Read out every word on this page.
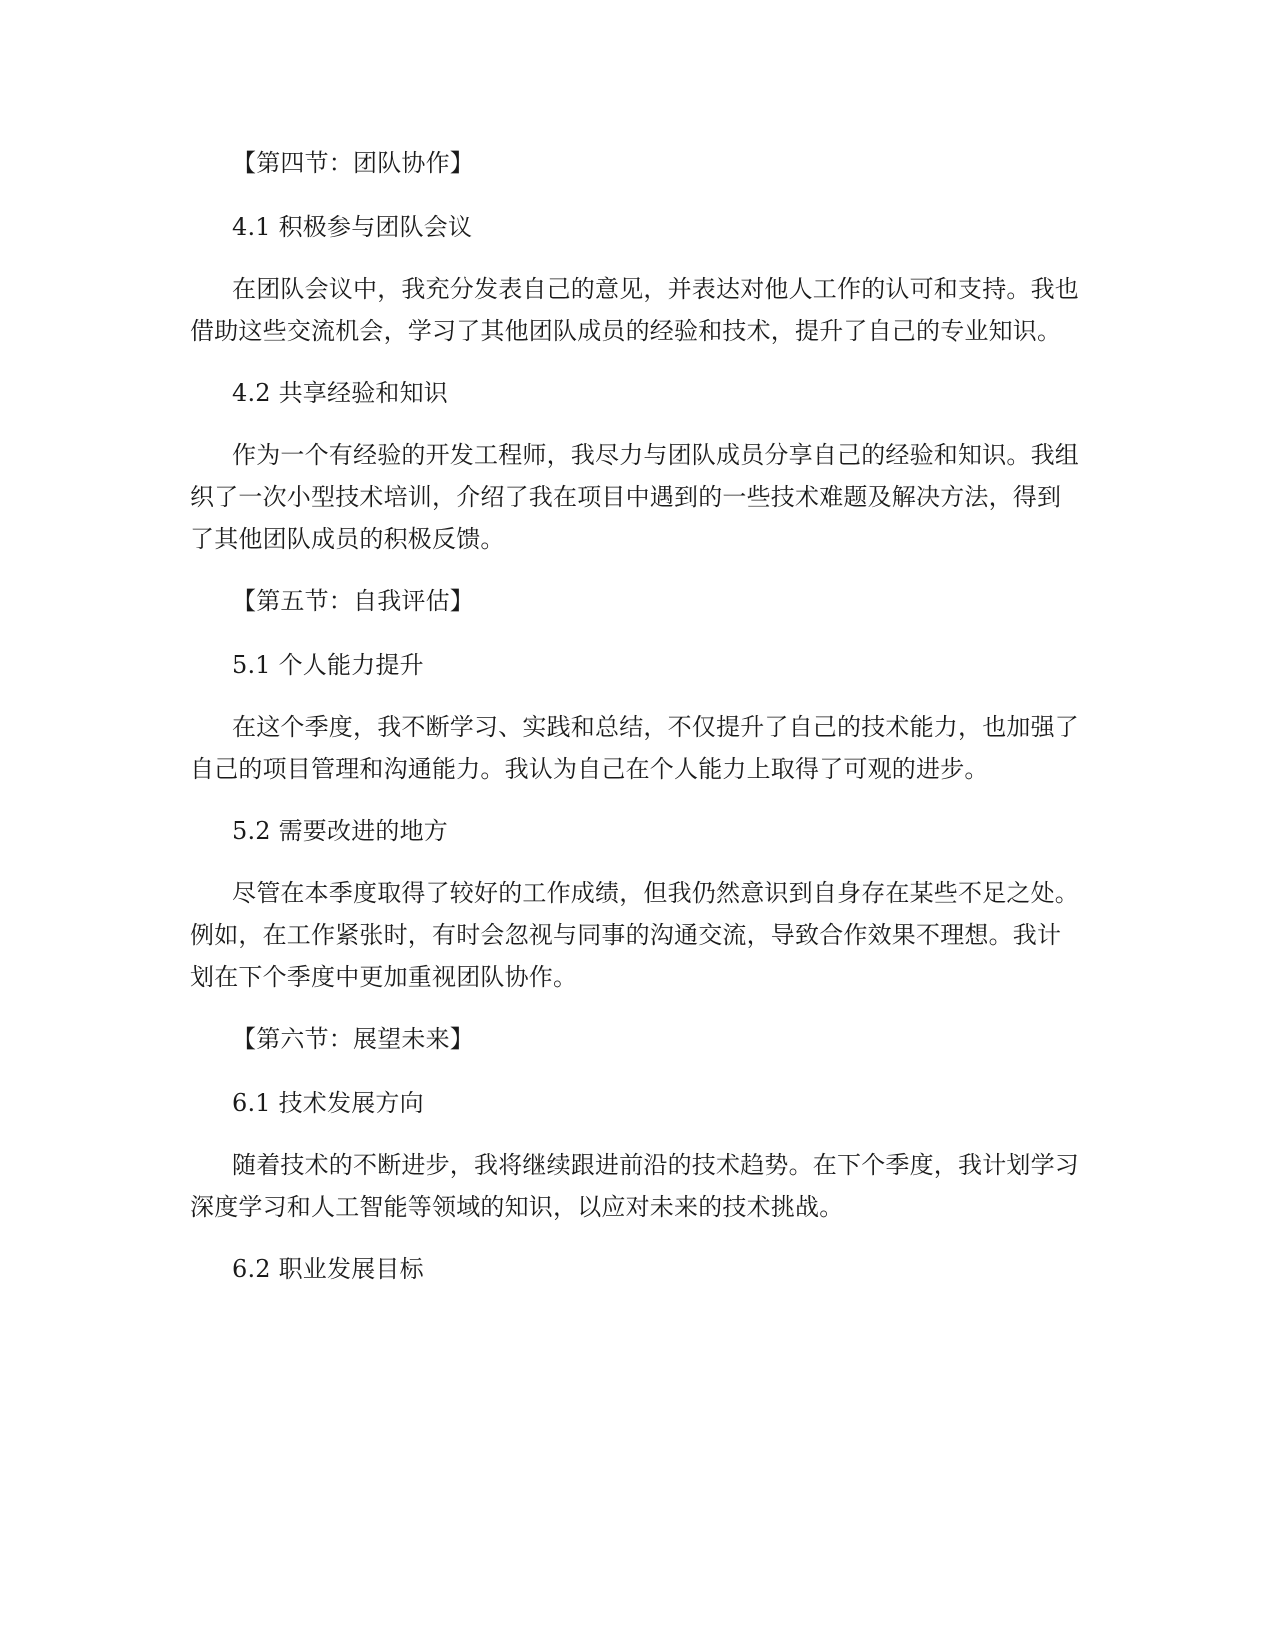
【第四节：团队协作】

4.1 积极参与团队会议

在团队会议中，我充分发表自己的意见，并表达对他人工作的认可和支持。我也借助这些交流机会，学习了其他团队成员的经验和技术，提升了自己的专业知识。

4.2 共享经验和知识

作为一个有经验的开发工程师，我尽力与团队成员分享自己的经验和知识。我组织了一次小型技术培训，介绍了我在项目中遇到的一些技术难题及解决方法，得到了其他团队成员的积极反馈。

【第五节：自我评估】

5.1 个人能力提升

在这个季度，我不断学习、实践和总结，不仅提升了自己的技术能力，也加强了自己的项目管理和沟通能力。我认为自己在个人能力上取得了可观的进步。

5.2 需要改进的地方

尽管在本季度取得了较好的工作成绩，但我仍然意识到自身存在某些不足之处。例如，在工作紧张时，有时会忽视与同事的沟通交流，导致合作效果不理想。我计划在下个季度中更加重视团队协作。

【第六节：展望未来】

6.1 技术发展方向

随着技术的不断进步，我将继续跟进前沿的技术趋势。在下个季度，我计划学习深度学习和人工智能等领域的知识，以应对未来的技术挑战。

6.2 职业发展目标
